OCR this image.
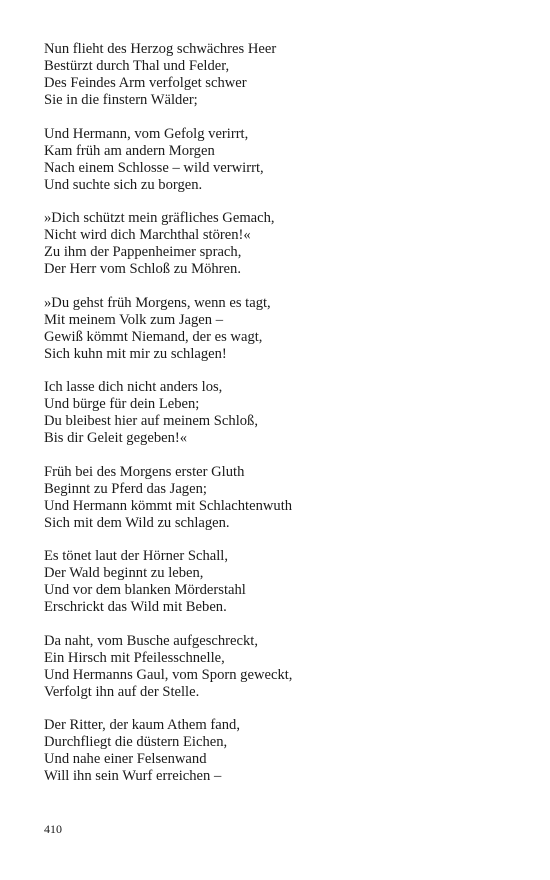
Nun flieht des Herzog schwächres Heer
Bestürzt durch Thal und Felder,
Des Feindes Arm verfolget schwer
Sie in die finstern Wälder;
Und Hermann, vom Gefolg verirrt,
Kam früh am andern Morgen
Nach einem Schlosse – wild verwirrt,
Und suchte sich zu borgen.
»Dich schützt mein gräfliches Gemach,
Nicht wird dich Marchthal stören!«
Zu ihm der Pappenheimer sprach,
Der Herr vom Schloß zu Möhren.
»Du gehst früh Morgens, wenn es tagt,
Mit meinem Volk zum Jagen –
Gewiß kömmt Niemand, der es wagt,
Sich kuhn mit mir zu schlagen!
Ich lasse dich nicht anders los,
Und bürge für dein Leben;
Du bleibest hier auf meinem Schloß,
Bis dir Geleit gegeben!«
Früh bei des Morgens erster Gluth
Beginnt zu Pferd das Jagen;
Und Hermann kömmt mit Schlachtenwuth
Sich mit dem Wild zu schlagen.
Es tönet laut der Hörner Schall,
Der Wald beginnt zu leben,
Und vor dem blanken Mörderstahl
Erschrickt das Wild mit Beben.
Da naht, vom Busche aufgeschreckt,
Ein Hirsch mit Pfeilesschnelle,
Und Hermanns Gaul, vom Sporn geweckt,
Verfolgt ihn auf der Stelle.
Der Ritter, der kaum Athem fand,
Durchfliegt die düstern Eichen,
Und nahe einer Felsenwand
Will ihn sein Wurf erreichen –
410
